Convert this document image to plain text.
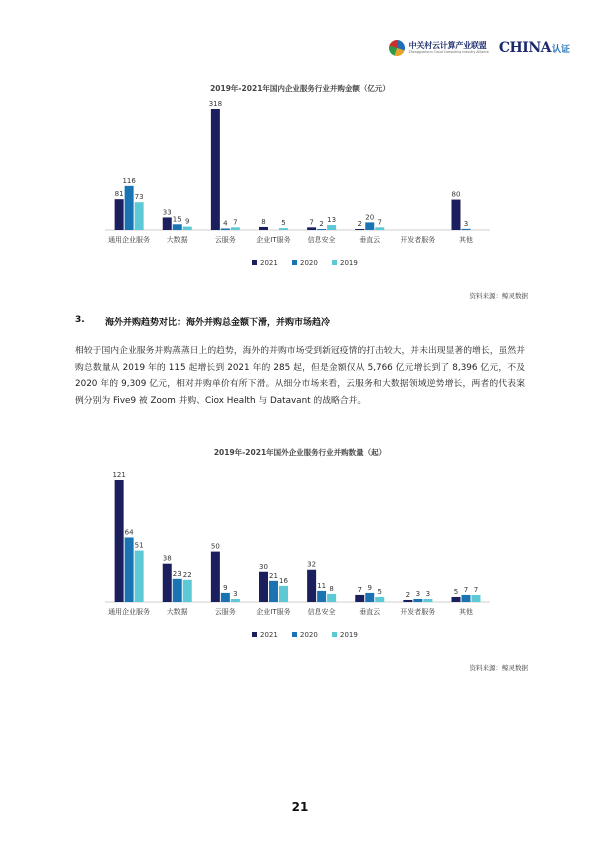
中关村云计算产业联盟
Zhongguancun Cloud Computing Industry Alliance CHINA 认证
2019年-2021年国内企业服务行业并购金额（亿元）
81
116
73
通用企业服务
33
15 9
大数据
318
4 7
云服务
8 5
企业IT服务
7 2 13
信息安全
2
20
7
垂直云	开发者服务
80
3
其他
2021	2020	2019
资料来源：鲸灵数据
3.	海外并购趋势对比：海外并购总金额下滑，并购市场趋冷

相较于国内企业服务并购蒸蒸日上的趋势，海外的并购市场受到新冠疫情的打击较大，并未出现显著的增长，虽然并购总数量从 2019 年的 115 起增长到 2021 年的 285 起，但是金额仅从 5,766 亿元增长到了 8,396 亿元，不及 2020 年的 9,309 亿元，相对并购单价有所下滑。从细分市场来看，云服务和大数据领域逆势增长，两者的代表案例分别为 Five9 被 Zoom 并购、Ciox Health 与 Datavant 的战略合并。

2019年-2021年国外企业服务行业并购数量（起）
121
64
51
通用企业服务
38
23 22
大数据
50
9
3
云服务
30
21
16
企业IT服务
32
11 8
信息安全
7 9
5
垂直云
2 3 3
开发者服务
5 7 7
其他
2021	2020	2019
资料来源：鲸灵数据
21
